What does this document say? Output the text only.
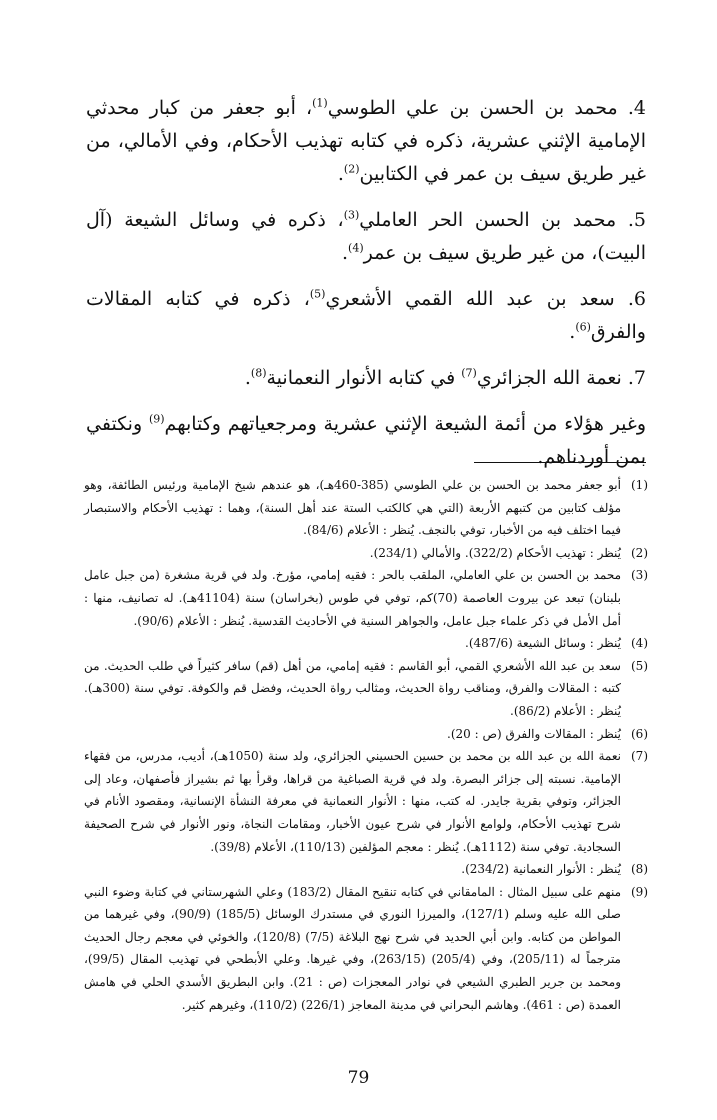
4. محمد بن الحسن بن علي الطوسي$^{(1)}$، أبو جعفر من كبار محدثي الإمامية الإثني عشرية، ذكره في كتابه تهذيب الأحكام، وفي الأمالي، من غير طريق سيف بن عمر في الكتابين$^{(2)}$.

5. محمد بن الحسن الحر العاملي$^{(3)}$، ذكره في وسائل الشيعة (آل البيت)، من غير طريق سيف بن عمر$^{(4)}$.

6. سعد بن عبد الله القمي الأشعري$^{(5)}$، ذكره في كتابه المقالات والفرق$^{(6)}$.

7. نعمة الله الجزائري$^{(7)}$ في كتابه الأنوار النعمانية$^{(8)}$.

وغير هؤلاء من أئمة الشيعة الإثني عشرية ومرجعياتهم وكتابهم$^{(9)}$ ونكتفي بمن أوردناهم.

(1)
أبو جعفر محمد بن الحسن بن علي الطوسي (385-460هـ)، هو عندهم شيخ الإمامية ورئيس الطائفة، وهو مؤلف كتابين من كتبهم الأربعة (التي هي كالكتب الستة عند أهل السنة)، وهما : تهذيب الأحكام والاستبصار فيما اختلف فيه من الأخبار، توفي بالنجف. يُنظر : الأعلام (84/6).
(2)
يُنظر : تهذيب الأحكام (322/2). والأمالي (234/1).
(3)
محمد بن الحسن بن علي العاملي، الملقب بالحر : فقيه إمامي، مؤرخ. ولد في قرية مشغرة (من جبل عامل بلبنان) تبعد عن بيروت العاصمة (70)كم، توفي في طوس (بخراسان) سنة (41104هـ). له تصانيف، منها : أمل الأمل في ذكر علماء جبل عامل، والجواهر السنية في الأحاديث القدسية. يُنظر : الأعلام (90/6).
(4)
يُنظر : وسائل الشيعة (487/6).
(5)
سعد بن عبد الله الأشعري القمي، أبو القاسم : فقيه إمامي، من أهل (قم) سافر كثيراً في طلب الحديث. من كتبه : المقالات والفرق، ومناقب رواة الحديث، ومثالب رواة الحديث، وفضل قم والكوفة. توفي سنة (300هـ). يُنظر : الأعلام (86/2).
(6)
يُنظر : المقالات والفرق (ص : 20).
(7)
نعمة الله بن عبد الله بن محمد بن حسين الحسيني الجزائري، ولد سنة (1050هـ)، أديب، مدرس، من فقهاء الإمامية. نسبته إلى جزائر البصرة. ولد في قرية الصباغية من قراها، وقرأ بها ثم بشيراز فأصفهان، وعاد إلى الجزائر، وتوفي بقرية جايدر. له كتب، منها : الأنوار النعمانية في معرفة النشأة الإنسانية، ومقصود الأنام في شرح تهذيب الأحكام، ولوامع الأنوار في شرح عيون الأخبار، ومقامات النجاة، ونور الأنوار في شرح الصحيفة السجادية. توفي سنة (1112هـ). يُنظر : معجم المؤلفين (110/13)، الأعلام (39/8).
(8)
يُنظر : الأنوار النعمانية (234/2).
(9)
منهم على سبيل المثال : المامقاني في كتابه تنقيح المقال (183/2) وعلي الشهرستاني في كتابة وضوء النبي صلى الله عليه وسلم (127/1)، والميرزا النوري في مستدرك الوسائل (185/5) (90/9)، وفي غيرهما من المواطن من كتابه. وابن أبي الحديد في شرح نهج البلاغة (7/5) (120/8)، والخوئي في معجم رجال الحديث مترجماً له (205/11)، وفي (205/4) (263/15)، وفي غيرها. وعلي الأبطحي في تهذيب المقال (99/5)، ومحمد بن جرير الطبري الشيعي في نوادر المعجزات (ص : 21). وابن البطريق الأسدي الحلي في هامش العمدة (ص : 461). وهاشم البحراني في مدينة المعاجز (226/1) (110/2)، وغيرهم كثير.
79
